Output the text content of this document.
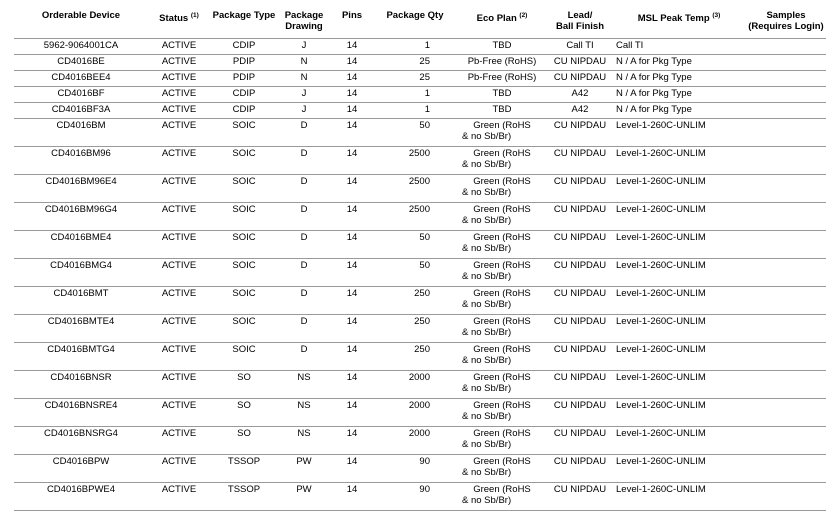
Orderable Device	Status $^{(1)}$	Package Type	Package
Drawing	Pins	Package Qty	Eco Plan $^{(2)}$	Lead/
Ball Finish	MSL Peak Temp $^{(3)}$	Samples
(Requires Login)
5962-9064001CA	ACTIVE	CDIP	J	14	1	TBD	Call TI	Call TI	
CD4016BE	ACTIVE	PDIP	N	14	25	Pb-Free (RoHS)	CU NIPDAU	N / A for Pkg Type	
CD4016BEE4	ACTIVE	PDIP	N	14	25	Pb-Free (RoHS)	CU NIPDAU	N / A for Pkg Type	
CD4016BF	ACTIVE	CDIP	J	14	1	TBD	A42	N / A for Pkg Type	
CD4016BF3A	ACTIVE	CDIP	J	14	1	TBD	A42	N / A for Pkg Type	
CD4016BM	ACTIVE	SOIC	D	14	50	Green (RoHS
& no Sb/Br)	CU NIPDAU	Level-1-260C-UNLIM	
CD4016BM96	ACTIVE	SOIC	D	14	2500	Green (RoHS
& no Sb/Br)	CU NIPDAU	Level-1-260C-UNLIM	
CD4016BM96E4	ACTIVE	SOIC	D	14	2500	Green (RoHS
& no Sb/Br)	CU NIPDAU	Level-1-260C-UNLIM	
CD4016BM96G4	ACTIVE	SOIC	D	14	2500	Green (RoHS
& no Sb/Br)	CU NIPDAU	Level-1-260C-UNLIM	
CD4016BME4	ACTIVE	SOIC	D	14	50	Green (RoHS
& no Sb/Br)	CU NIPDAU	Level-1-260C-UNLIM	
CD4016BMG4	ACTIVE	SOIC	D	14	50	Green (RoHS
& no Sb/Br)	CU NIPDAU	Level-1-260C-UNLIM	
CD4016BMT	ACTIVE	SOIC	D	14	250	Green (RoHS
& no Sb/Br)	CU NIPDAU	Level-1-260C-UNLIM	
CD4016BMTE4	ACTIVE	SOIC	D	14	250	Green (RoHS
& no Sb/Br)	CU NIPDAU	Level-1-260C-UNLIM	
CD4016BMTG4	ACTIVE	SOIC	D	14	250	Green (RoHS
& no Sb/Br)	CU NIPDAU	Level-1-260C-UNLIM	
CD4016BNSR	ACTIVE	SO	NS	14	2000	Green (RoHS
& no Sb/Br)	CU NIPDAU	Level-1-260C-UNLIM	
CD4016BNSRE4	ACTIVE	SO	NS	14	2000	Green (RoHS
& no Sb/Br)	CU NIPDAU	Level-1-260C-UNLIM	
CD4016BNSRG4	ACTIVE	SO	NS	14	2000	Green (RoHS
& no Sb/Br)	CU NIPDAU	Level-1-260C-UNLIM	
CD4016BPW	ACTIVE	TSSOP	PW	14	90	Green (RoHS
& no Sb/Br)	CU NIPDAU	Level-1-260C-UNLIM	
CD4016BPWE4	ACTIVE	TSSOP	PW	14	90	Green (RoHS
& no Sb/Br)	CU NIPDAU	Level-1-260C-UNLIM	
